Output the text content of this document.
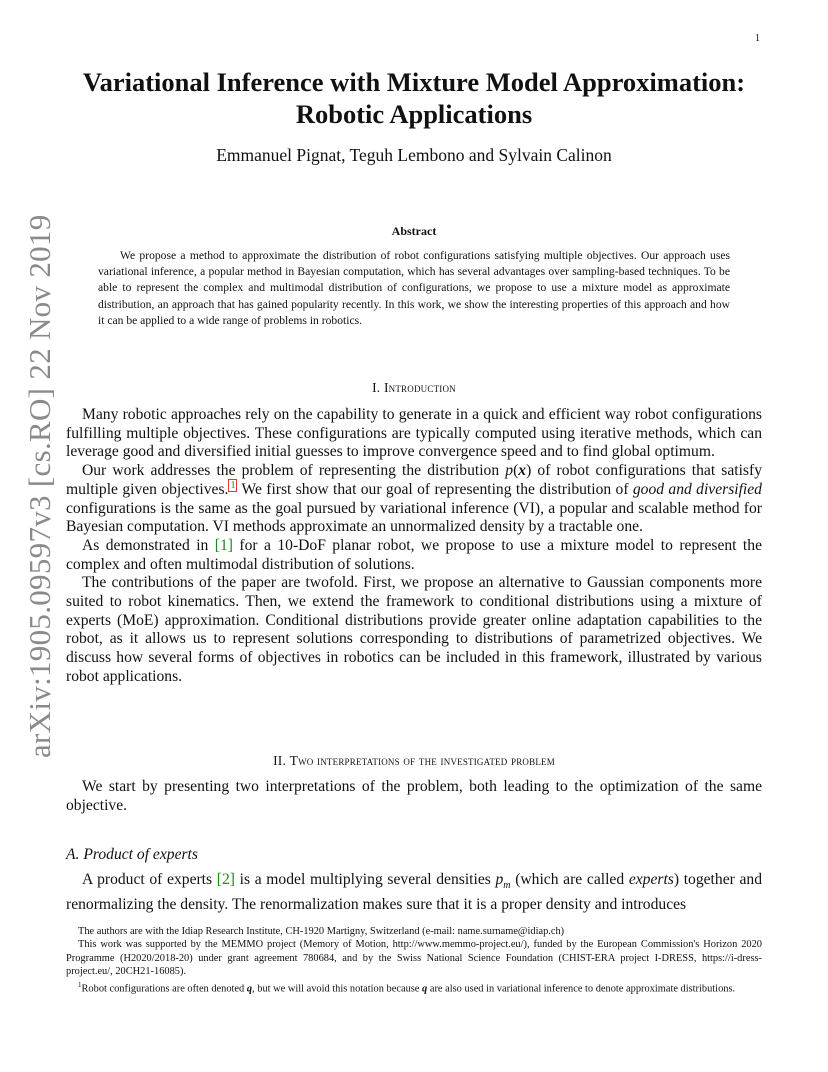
1
arXiv:1905.09597v3 [cs.RO] 22 Nov 2019
Variational Inference with Mixture Model Approximation:
Robotic Applications
Emmanuel Pignat, Teguh Lembono and Sylvain Calinon
Abstract
We propose a method to approximate the distribution of robot configurations satisfying multiple objectives. Our approach uses variational inference, a popular method in Bayesian computation, which has several advantages over sampling-based techniques. To be able to represent the complex and multimodal distribution of configurations, we propose to use a mixture model as approximate distribution, an approach that has gained popularity recently. In this work, we show the interesting properties of this approach and how it can be applied to a wide range of problems in robotics.
I. Introduction

Many robotic approaches rely on the capability to generate in a quick and efficient way robot configurations fulfilling multiple objectives. These configurations are typically computed using iterative methods, which can leverage good and diversified initial guesses to improve convergence speed and to find global optimum.

Our work addresses the problem of representing the distribution p(x) of robot configurations that satisfy multiple given objectives. $^1$ We first show that our goal of representing the distribution of good and diversified configurations is the same as the goal pursued by variational inference (VI), a popular and scalable method for Bayesian computation. VI methods approximate an unnormalized density by a tractable one.

As demonstrated in [1] for a 10-DoF planar robot, we propose to use a mixture model to represent the complex and often multimodal distribution of solutions.

The contributions of the paper are twofold. First, we propose an alternative to Gaussian components more suited to robot kinematics. Then, we extend the framework to conditional distributions using a mixture of experts (MoE) approximation. Conditional distributions provide greater online adaptation capabilities to the robot, as it allows us to represent solutions corresponding to distributions of parametrized objectives. We discuss how several forms of objectives in robotics can be included in this framework, illustrated by various robot applications.

II. Two interpretations of the investigated problem

We start by presenting two interpretations of the problem, both leading to the optimization of the same objective.

A. Product of experts

A product of experts [2] is a model multiplying several densities $p_m$ (which are called experts) together and renormalizing the density. The renormalization makes sure that it is a proper density and introduces

The authors are with the Idiap Research Institute, CH-1920 Martigny, Switzerland (e-mail: name.surname@idiap.ch)

This work was supported by the MEMMO project (Memory of Motion, http://www.memmo-project.eu/), funded by the European Commission's Horizon 2020 Programme (H2020/2018-20) under grant agreement 780684, and by the Swiss National Science Foundation (CHIST-ERA project I-DRESS, https://i-dress-project.eu/, 20CH21-16085).

$^1$Robot configurations are often denoted q, but we will avoid this notation because q are also used in variational inference to denote approximate distributions.
